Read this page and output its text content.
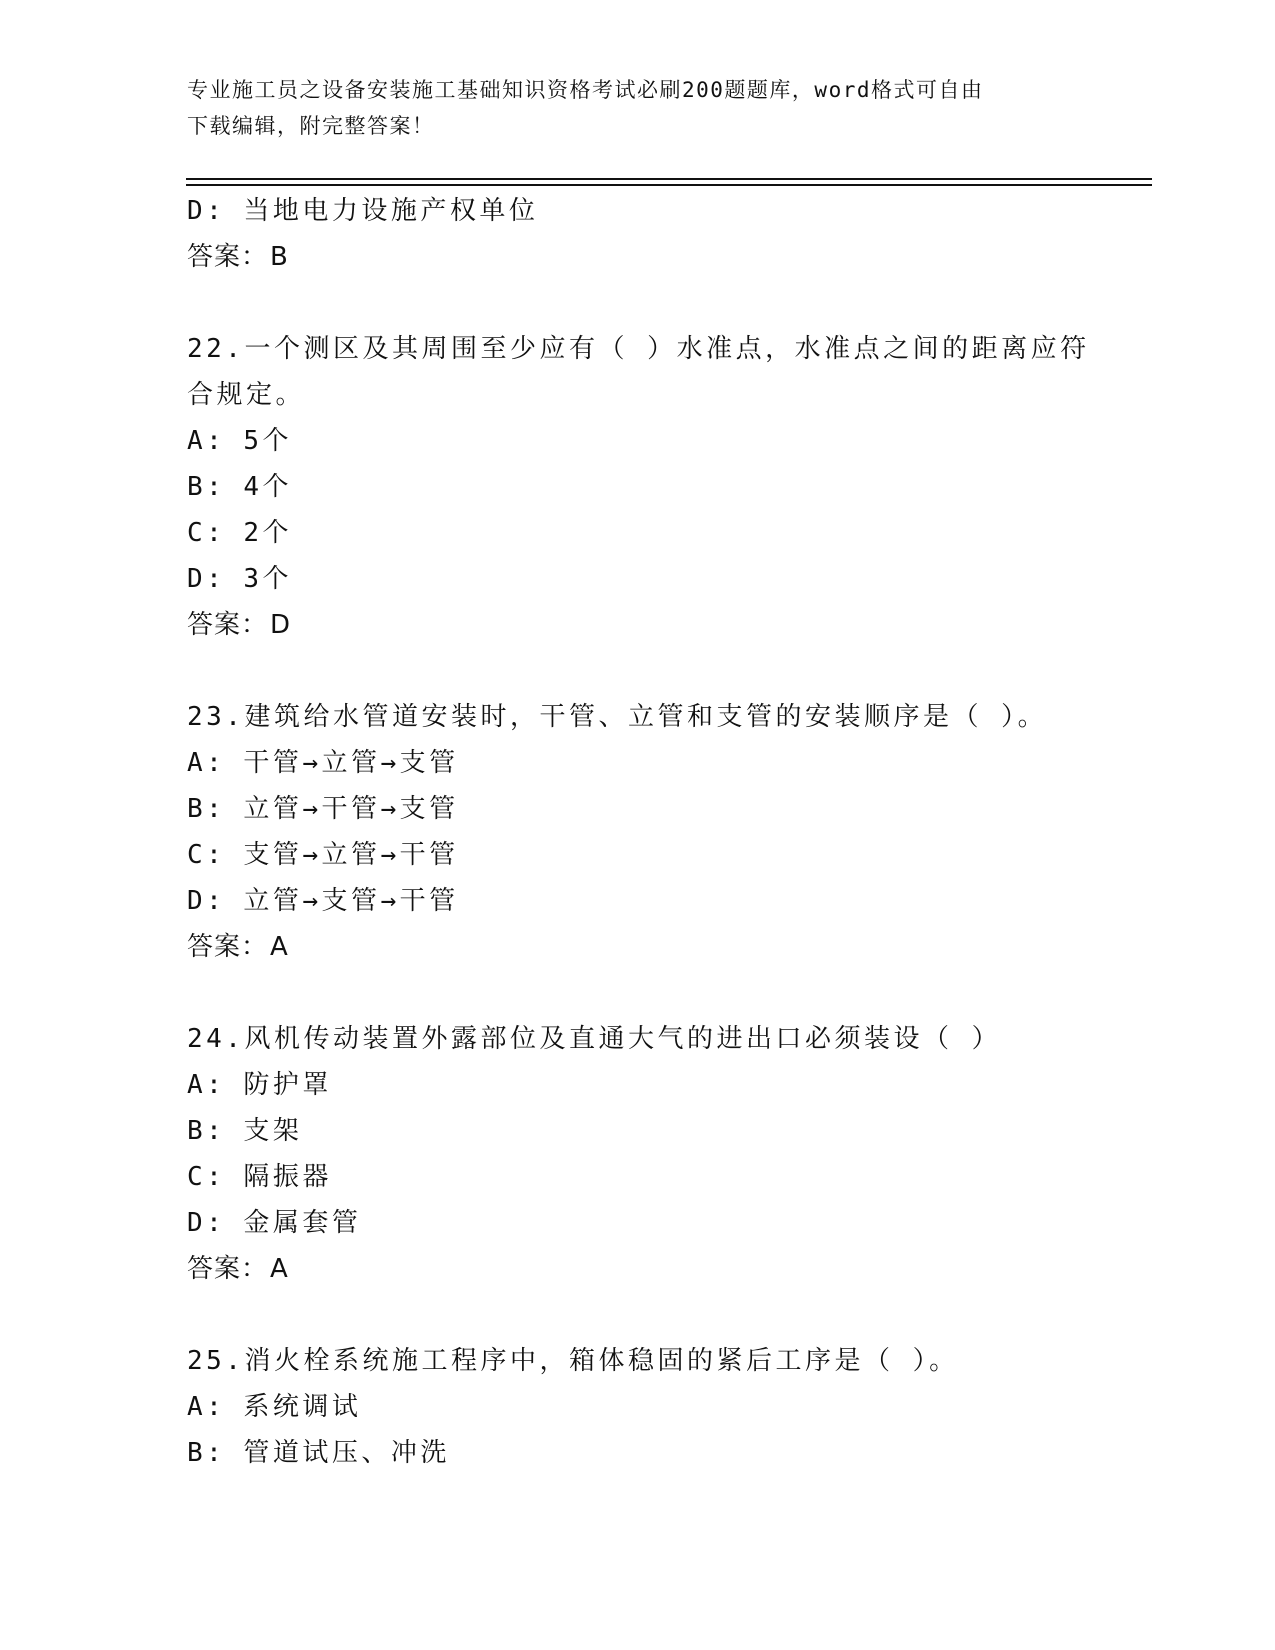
专业施工员之设备安装施工基础知识资格考试必刷200题题库，word格式可自由
下载编辑，附完整答案！
D: 当地电力设施产权单位
答案：B
22.一个测区及其周围至少应有（ ）水准点，水准点之间的距离应符
合规定。
A: 5个
B: 4个
C: 2个
D: 3个
答案：D
23.建筑给水管道安装时，干管、立管和支管的安装顺序是（ ）。
A: 干管→立管→支管
B: 立管→干管→支管
C: 支管→立管→干管
D: 立管→支管→干管
答案：A
24.风机传动装置外露部位及直通大气的进出口必须装设（ ）
A: 防护罩
B: 支架
C: 隔振器
D: 金属套管
答案：A
25.消火栓系统施工程序中，箱体稳固的紧后工序是（ ）。
A: 系统调试
B: 管道试压、冲洗
